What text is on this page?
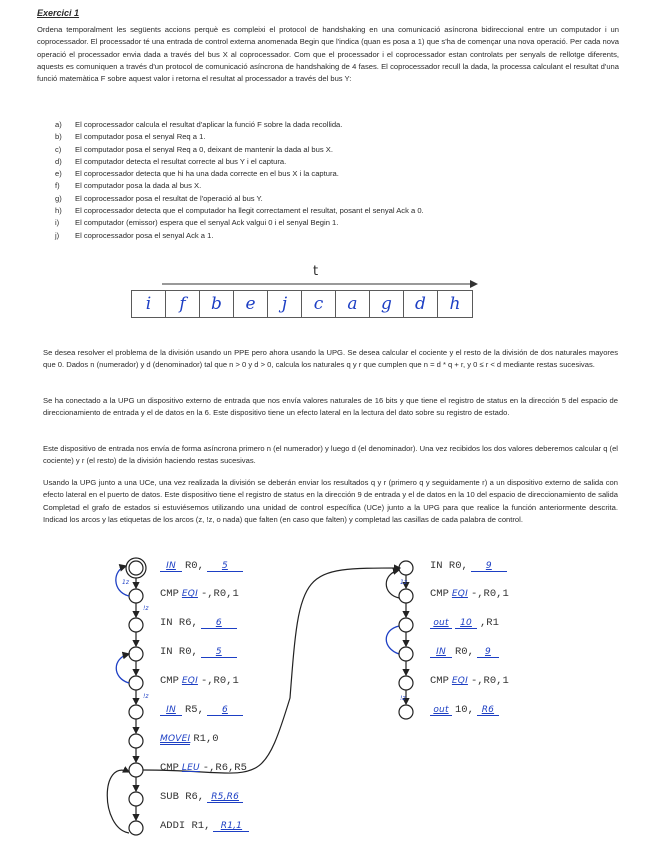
Exercici 1
Ordena temporalment les següents accions perquè es compleixi el protocol de handshaking en una comunicació asíncrona bidireccional entre un computador i un coprocessador. El processador té una entrada de control externa anomenada Begin que l'indica (quan es posa a 1) que s'ha de començar una nova operació. Per cada nova operació el processador envia dada a través del bus X al coprocessador. Com que el processador i el coprocessador estan controlats per senyals de rellotge diferents, aquests es comuniquen a través d'un protocol de comunicació asíncrona de handshaking de 4 fases. El coprocessador recull la dada, la processa calculant el resultat d'una funció matemàtica F sobre aquest valor i retorna el resultat al processador a través del bus Y:
a) El coprocessador calcula el resultat d'aplicar la funció F sobre la dada recollida.
b) El computador posa el senyal Req a 1.
c) El computador posa el senyal Req a 0, deixant de mantenir la dada al bus X.
d) El computador detecta el resultat correcte al bus Y i el captura.
e) El coprocessador detecta que hi ha una dada correcte en el bus X i la captura.
f) El computador posa la dada al bus X.
g) El coprocessador posa el resultat de l'operació al bus Y.
h) El coprocessador detecta que el computador ha llegit correctament el resultat, posant el senyal Ack a 0.
i) El computador (emissor) espera que el senyal Ack valgui 0 i el senyal Begin 1.
j) El coprocessador posa el senyal Ack a 1.
t
i	f	b	e	j	c	a	g	d	h
Se desea resolver el problema de la división usando un PPE pero ahora usando la UPG. Se desea calcular el cociente y el resto de la división de dos naturales mayores que 0. Dados n (numerador) y d (denominador) tal que n > 0 y d > 0, calcula los naturales q y r que cumplen que n = d * q + r, y 0 ≤ r < d mediante restas sucesivas.
Se ha conectado a la UPG un dispositivo externo de entrada que nos envía valores naturales de 16 bits y que tiene el registro de status en la dirección 5 del espacio de direccionamiento de entrada y el de datos en la 6. Este dispositivo tiene un efecto lateral en la lectura del dato sobre su registro de estado.
Este dispositivo de entrada nos envía de forma asíncrona primero n (el numerador) y luego d (el denominador). Una vez recibidos los dos valores deberemos calcular q (el cociente) y r (el resto) de la división haciendo restas sucesivas.
Usando la UPG junto a una UCe, una vez realizada la división se deberán enviar los resultados q y r (primero q y seguidamente r) a un dispositivo externo de salida con efecto lateral en el puerto de datos. Este dispositivo tiene el registro de status en la dirección 9 de entrada y el de datos en la 10 del espacio de direccionamiento de salida Completad el grafo de estados si estuviésemos utilizando una unidad de control específica (UCe) junto a la UPG para que realice la función anteriormente descrita. Indicad los arcos y las etiquetas de los arcos (z, !z, o nada) que falten (en caso que falten) y completad las casillas de cada palabra de control.
1z
!z
!z
1z
!z
IN R0,	5
CMP EQI -,R0,1
IN R6,	6
IN R0,	5
CMP EQI -,R0,1
IN R5,	6
MOVEI R1,0
CMP LEU -,R6,R5
SUB R6, R5,R6
ADDI R1,	R1,1
IN R0,	9
CMP EQI -,R0,1
out	10 ,R1
IN R0,	9
CMP EQI -,R0,1
out 10, R6
